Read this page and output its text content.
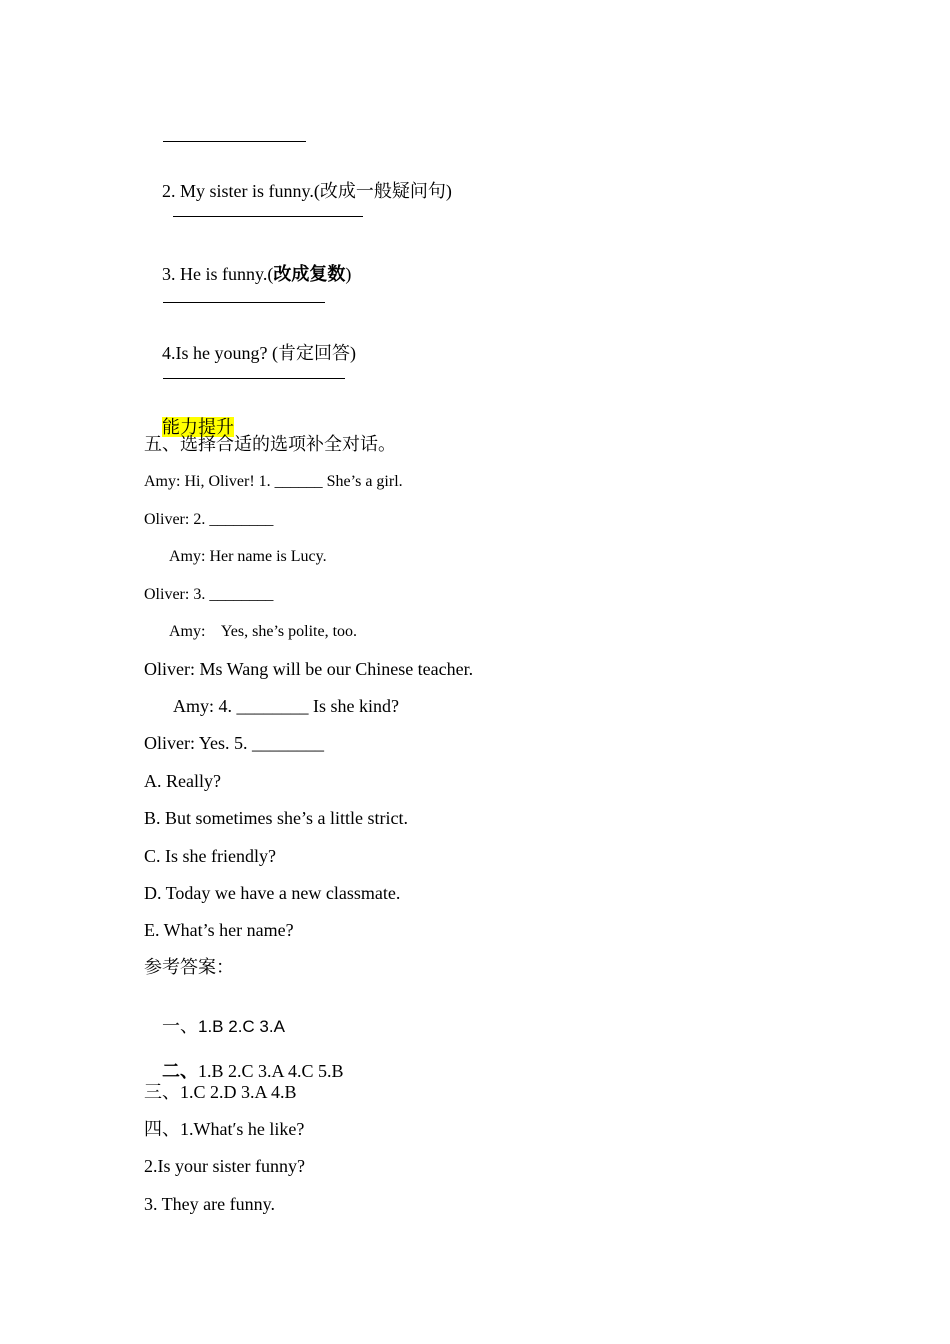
2. My sister is funny.(改成一般疑问句)

3. He is funny.(改成复数)

4.Is he young? (肯定回答)

能力提升

五、选择合适的选项补全对话。
Amy: Hi, Oliver! 1. ______ She’s a girl.
Oliver: 2. ________
Amy: Her name is Lucy.
Oliver: 3. ________
Amy:    Yes, she’s polite, too.
Oliver: Ms Wang will be our Chinese teacher.
Amy: 4. ________ Is she kind?
Oliver: Yes. 5. ________
A. Really?
B. But sometimes she’s a little strict.
C. Is she friendly?
D. Today we have a new classmate.
E. What’s her name?
参考答案：

一、1.B 2.C 3.A

二、1.B 2.C 3.A 4.C 5.B

三、1.C 2.D 3.A 4.B
四、1.What′s he like?
2.Is your sister funny?
3. They are funny.
